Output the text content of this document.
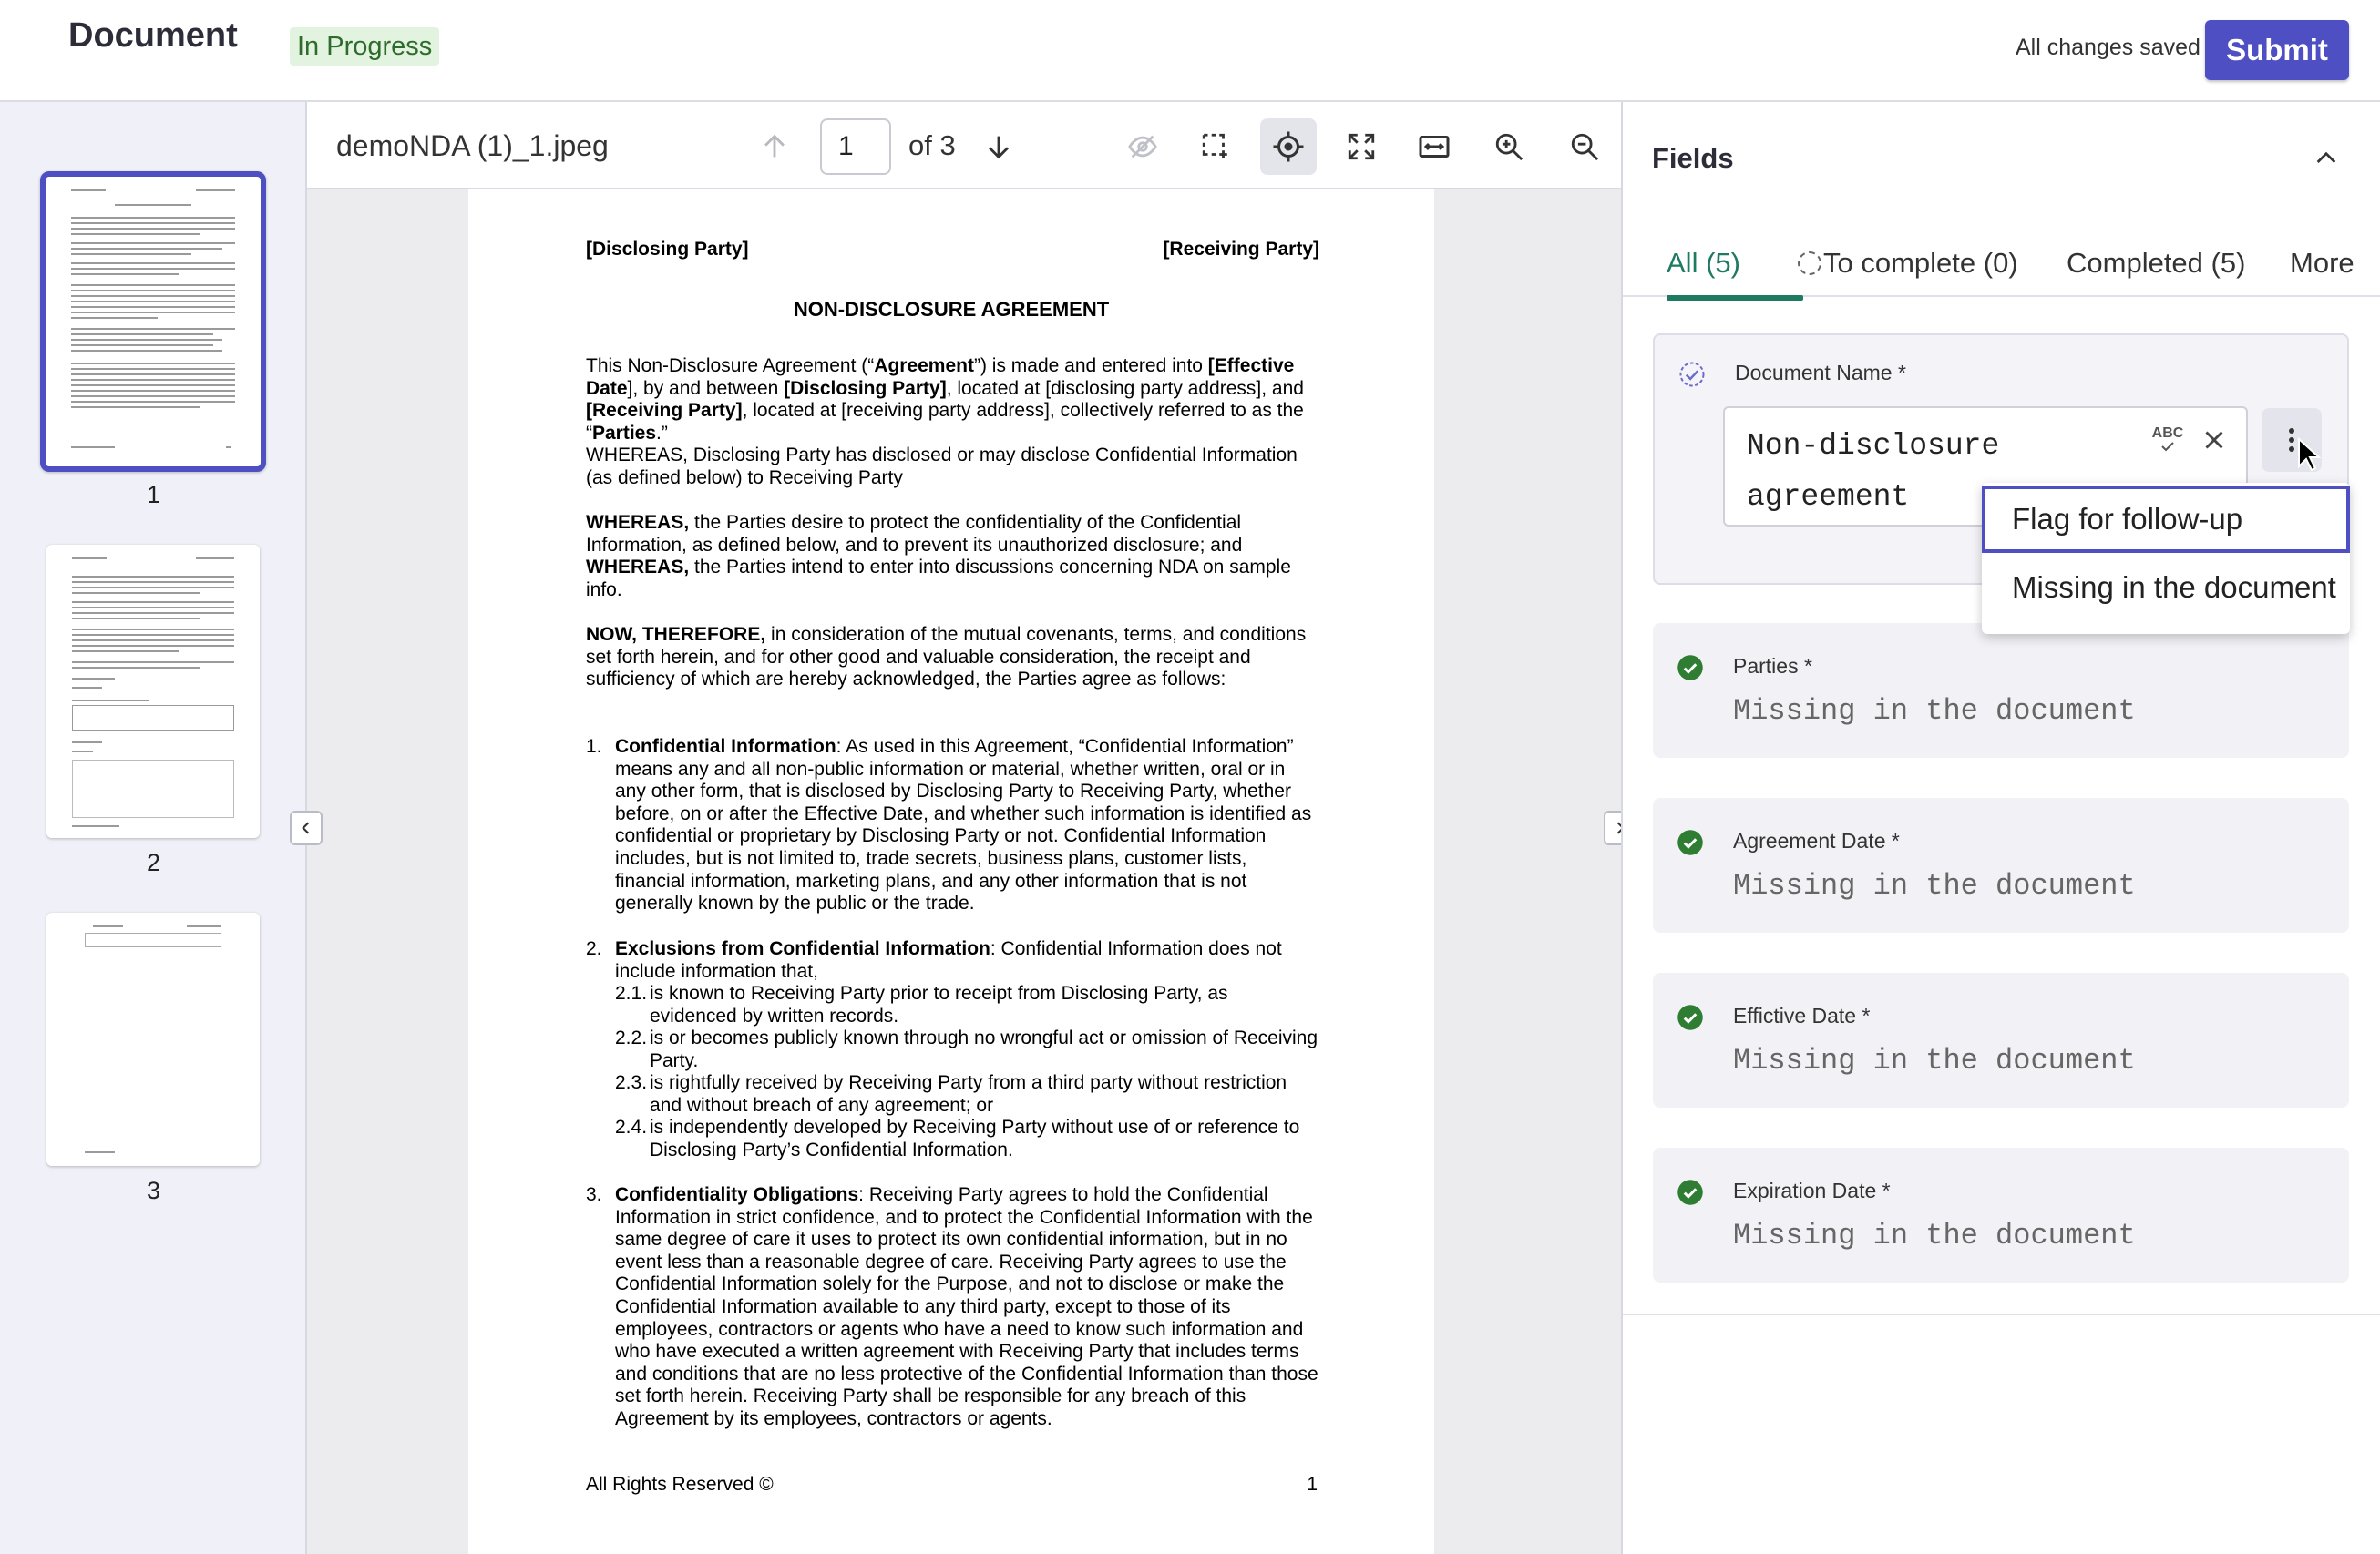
Document In Progress	All changes saved Submit
1
2
3
demoNDA (1)_1.jpeg	1	of 3
[Disclosing Party]	[Receiving Party]
NON-DISCLOSURE AGREEMENT
This Non-Disclosure Agreement (“Agreement”) is made and entered into [Effective Date], by and between [Disclosing Party], located at [disclosing party address], and [Receiving Party], located at [receiving party address], collectively referred to as the “Parties.”
WHEREAS, Disclosing Party has disclosed or may disclose Confidential Information (as defined below) to Receiving Party
WHEREAS, the Parties desire to protect the confidentiality of the Confidential Information, as defined below, and to prevent its unauthorized disclosure; and WHEREAS, the Parties intend to enter into discussions concerning NDA on sample info.
NOW, THEREFORE, in consideration of the mutual covenants, terms, and conditions set forth herein, and for other good and valuable consideration, the receipt and sufficiency of which are hereby acknowledged, the Parties agree as follows:
1. Confidential Information: As used in this Agreement, “Confidential Information” means any and all non-public information or material, whether written, oral or in any other form, that is disclosed by Disclosing Party to Receiving Party, whether before, on or after the Effective Date, and whether such information is identified as confidential or proprietary by Disclosing Party or not. Confidential Information includes, but is not limited to, trade secrets, business plans, customer lists, financial information, marketing plans, and any other information that is not generally known by the public or the trade.
2. Exclusions from Confidential Information: Confidential Information does not include information that,
2.1. is known to Receiving Party prior to receipt from Disclosing Party, as evidenced by written records.
2.2. is or becomes publicly known through no wrongful act or omission of Receiving Party.
2.3. is rightfully received by Receiving Party from a third party without restriction and without breach of any agreement; or
2.4. is independently developed by Receiving Party without use of or reference to Disclosing Party’s Confidential Information.
3. Confidentiality Obligations: Receiving Party agrees to hold the Confidential Information in strict confidence, and to protect the Confidential Information with the same degree of care it uses to protect its own confidential information, but in no event less than a reasonable degree of care. Receiving Party agrees to use the Confidential Information solely for the Purpose, and not to disclose or make the Confidential Information available to any third party, except to those of its employees, contractors or agents who have a need to know such information and who have executed a written agreement with Receiving Party that includes terms and conditions that are no less protective of the Confidential Information than those set forth herein. Receiving Party shall be responsible for any breach of this Agreement by its employees, contractors or agents.
All Rights Reserved ©	1
Fields
All (5)	To complete (0) Completed (5) More
Document Name *
Non-disclosure agreement
ABC
Parties *
Missing in the document
Agreement Date *
Missing in the document
Effictive Date *
Missing in the document
Expiration Date *
Missing in the document
Flag for follow-up
Missing in the document
